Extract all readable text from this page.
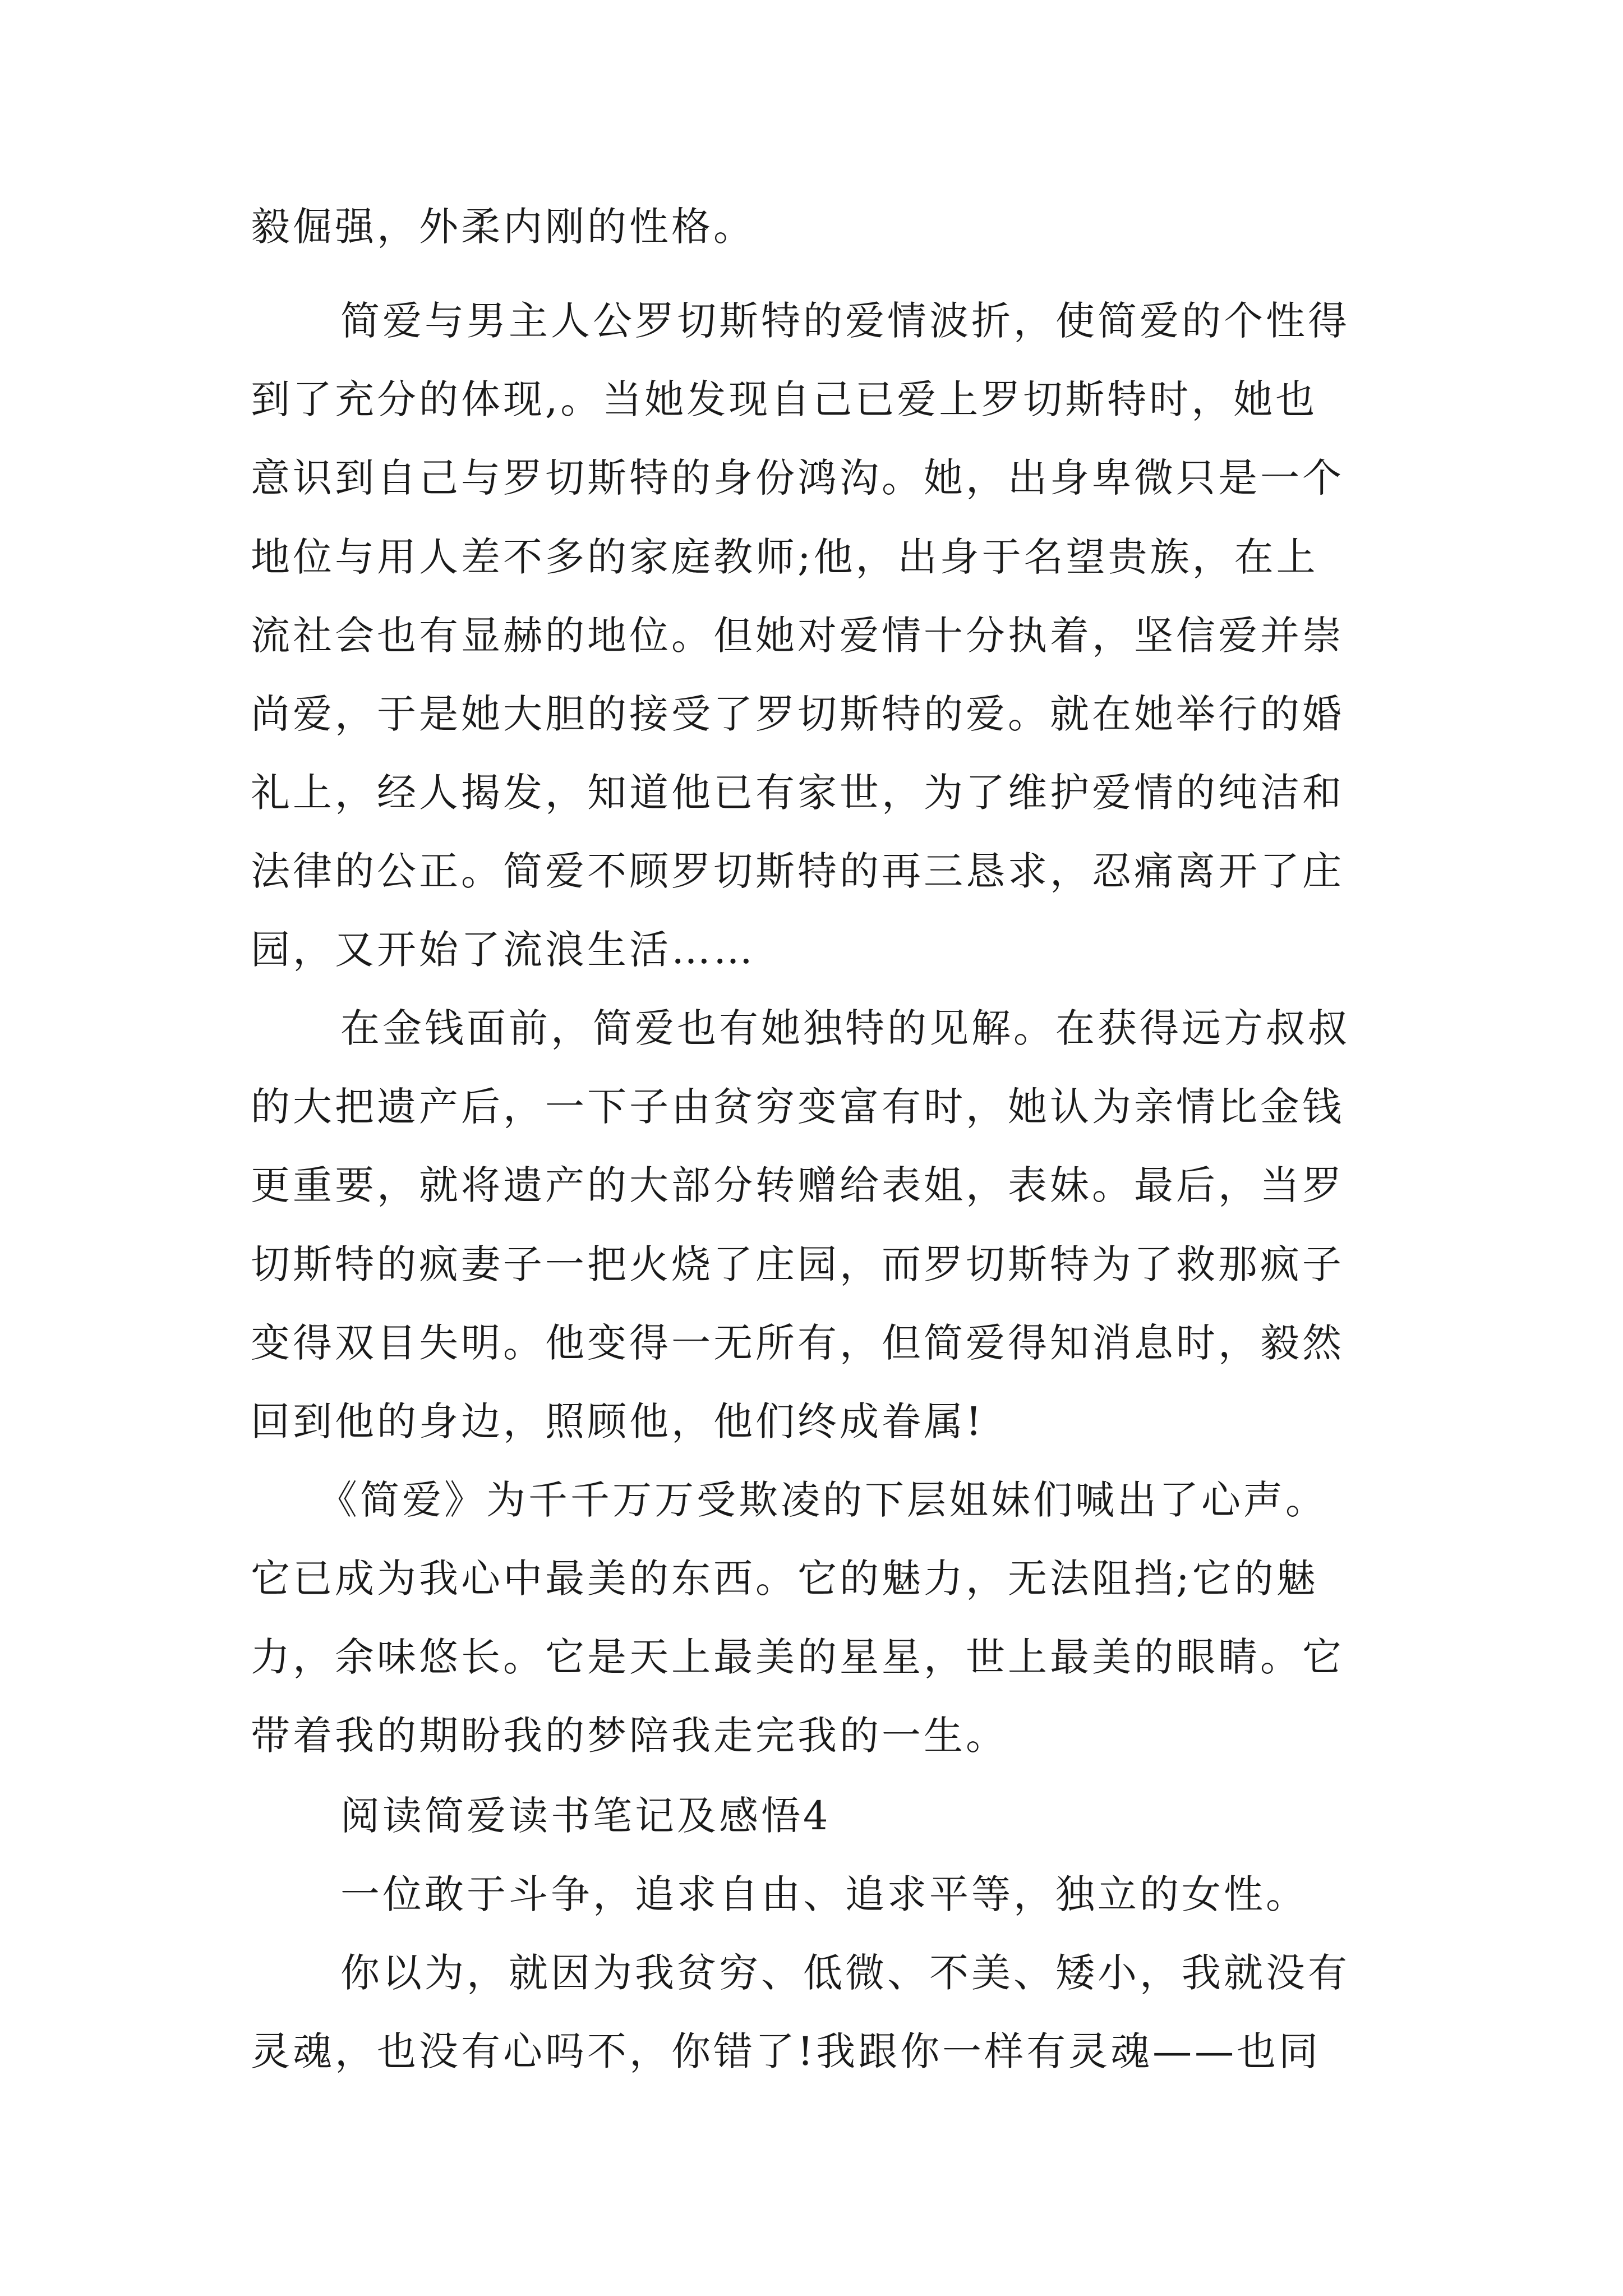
毅倔强，外柔内刚的性格。
简爱与男主人公罗切斯特的爱情波折，使简爱的个性得
到了充分的体现,。当她发现自己已爱上罗切斯特时，她也
意识到自己与罗切斯特的身份鸿沟。她，出身卑微只是一个
地位与用人差不多的家庭教师;他，出身于名望贵族，在上
流社会也有显赫的地位。但她对爱情十分执着，坚信爱并崇
尚爱，于是她大胆的接受了罗切斯特的爱。就在她举行的婚
礼上，经人揭发，知道他已有家世，为了维护爱情的纯洁和
法律的公正。简爱不顾罗切斯特的再三恳求，忍痛离开了庄
园，又开始了流浪生活……
在金钱面前，简爱也有她独特的见解。在获得远方叔叔
的大把遗产后，一下子由贫穷变富有时，她认为亲情比金钱
更重要，就将遗产的大部分转赠给表姐，表妹。最后，当罗
切斯特的疯妻子一把火烧了庄园，而罗切斯特为了救那疯子
变得双目失明。他变得一无所有，但简爱得知消息时，毅然
回到他的身边，照顾他，他们终成眷属!
《简爱》为千千万万受欺凌的下层姐妹们喊出了心声。
它已成为我心中最美的东西。它的魅力，无法阻挡;它的魅
力，余味悠长。它是天上最美的星星，世上最美的眼睛。它
带着我的期盼我的梦陪我走完我的一生。
阅读简爱读书笔记及感悟4
一位敢于斗争，追求自由、追求平等，独立的女性。
你以为，就因为我贫穷、低微、不美、矮小，我就没有
灵魂，也没有心吗不，你错了!我跟你一样有灵魂——也同
